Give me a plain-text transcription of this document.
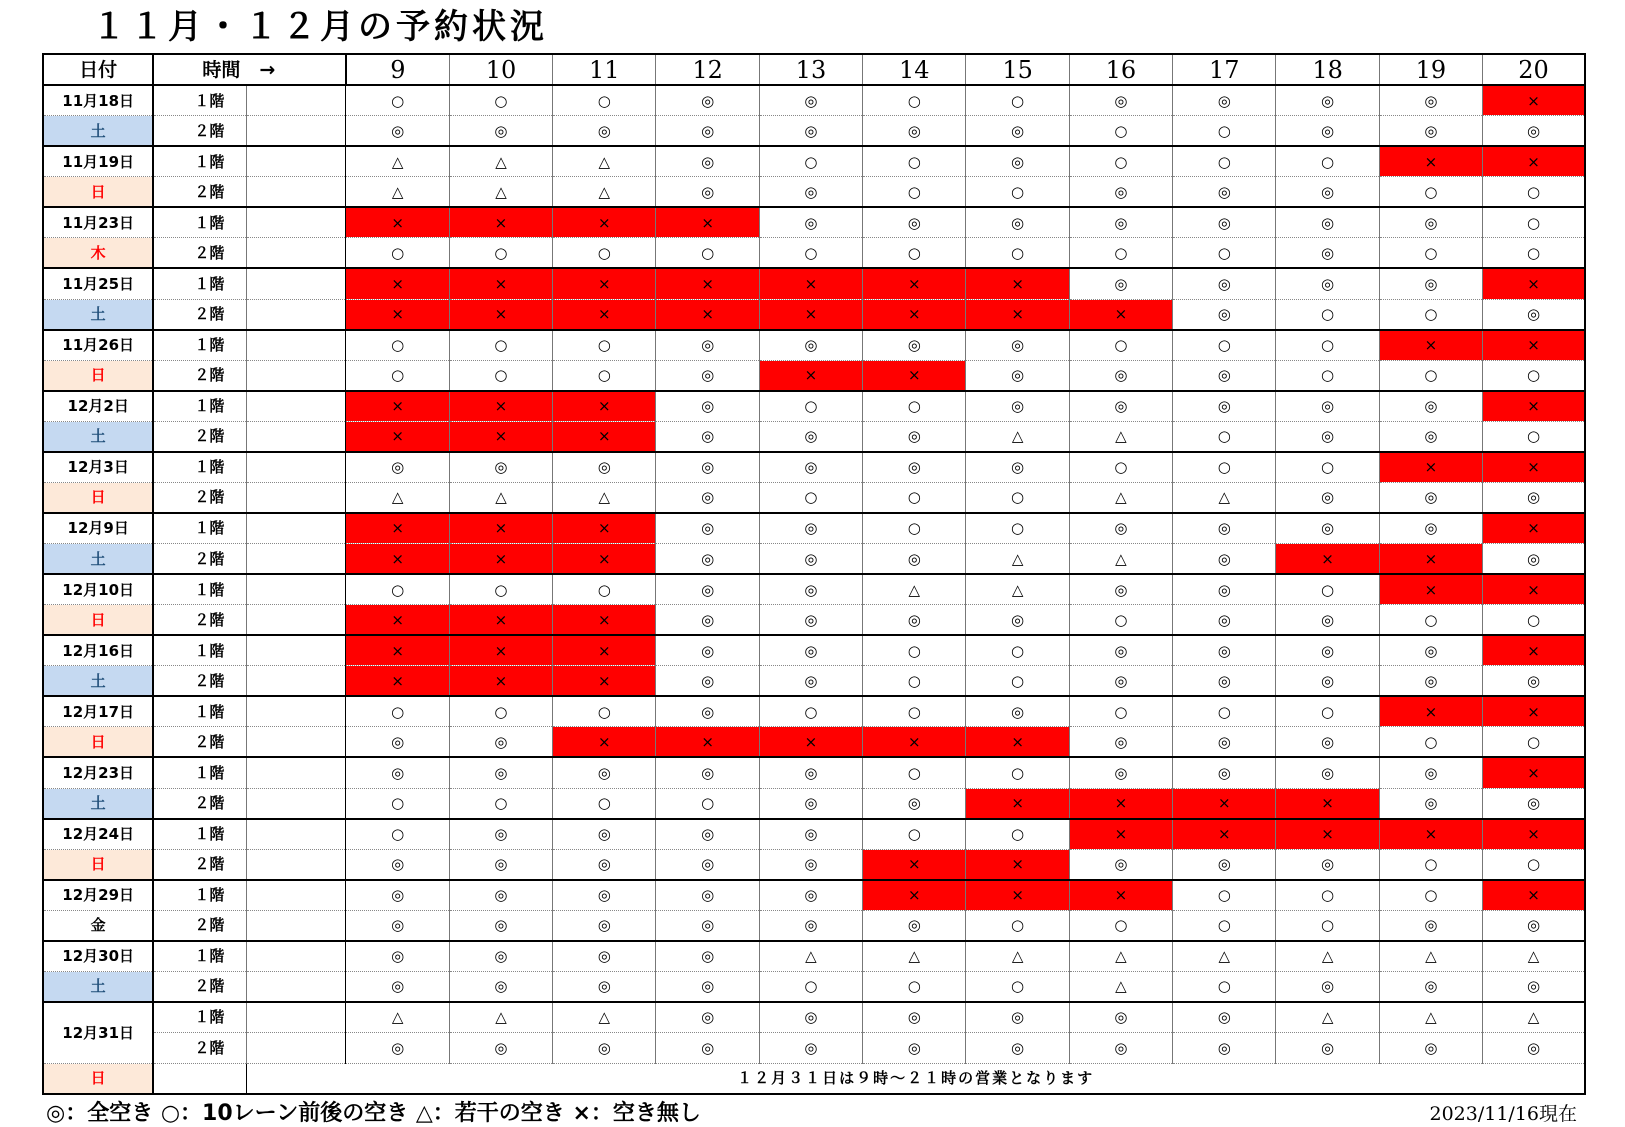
１１月・１２月の予約状況
日付	時間　→		9	10	11	12	13	14	15	16	17	18	19	20
11月18日	１階		○	○	○	◎	◎	○	○	◎	◎	◎	◎	×
土	２階		◎	◎	◎	◎	◎	◎	◎	○	○	◎	◎	◎
11月19日	１階		△	△	△	◎	○	○	◎	○	○	○	×	×
日	２階		△	△	△	◎	◎	○	○	◎	◎	◎	○	○
11月23日	１階		×	×	×	×	◎	◎	◎	◎	◎	◎	◎	○
木	２階		○	○	○	○	○	○	○	○	○	◎	○	○
11月25日	１階		×	×	×	×	×	×	×	◎	◎	◎	◎	×
土	２階		×	×	×	×	×	×	×	×	◎	○	○	◎
11月26日	１階		○	○	○	◎	◎	◎	◎	○	○	○	×	×
日	２階		○	○	○	◎	×	×	◎	◎	◎	○	○	○
12月2日	１階		×	×	×	◎	○	○	◎	◎	◎	◎	◎	×
土	２階		×	×	×	◎	◎	◎	△	△	○	◎	◎	○
12月3日	１階		◎	◎	◎	◎	◎	◎	◎	○	○	○	×	×
日	２階		△	△	△	◎	○	○	○	△	△	◎	◎	◎
12月9日	１階		×	×	×	◎	◎	○	○	◎	◎	◎	◎	×
土	２階		×	×	×	◎	◎	◎	△	△	◎	×	×	◎
12月10日	１階		○	○	○	◎	◎	△	△	◎	◎	○	×	×
日	２階		×	×	×	◎	◎	◎	◎	○	◎	◎	○	○
12月16日	１階		×	×	×	◎	◎	○	○	◎	◎	◎	◎	×
土	２階		×	×	×	◎	◎	○	○	◎	◎	◎	◎	◎
12月17日	１階		○	○	○	◎	○	○	◎	○	○	○	×	×
日	２階		◎	◎	×	×	×	×	×	◎	◎	◎	○	○
12月23日	１階		◎	◎	◎	◎	◎	○	○	◎	◎	◎	◎	×
土	２階		○	○	○	○	◎	◎	×	×	×	×	◎	◎
12月24日	１階		○	◎	◎	◎	◎	○	○	×	×	×	×	×
日	２階		◎	◎	◎	◎	◎	×	×	◎	◎	◎	○	○
12月29日	１階		◎	◎	◎	◎	◎	×	×	×	○	○	○	×
金	２階		◎	◎	◎	◎	◎	◎	○	○	○	○	◎	◎
12月30日	１階		◎	◎	◎	◎	△	△	△	△	△	△	△	△
土	２階		◎	◎	◎	◎	○	○	○	△	○	◎	◎	◎
12月31日	１階		△	△	△	◎	◎	◎	◎	◎	◎	△	△	△
	２階		◎	◎	◎	◎	◎	◎	◎	◎	◎	◎	◎	◎
日		１２月３１日は９時～２１時の営業となります												
◎：全空き ○：10レーン前後の空き △：若干の空き ×：空き無し	2023/11/16現在
